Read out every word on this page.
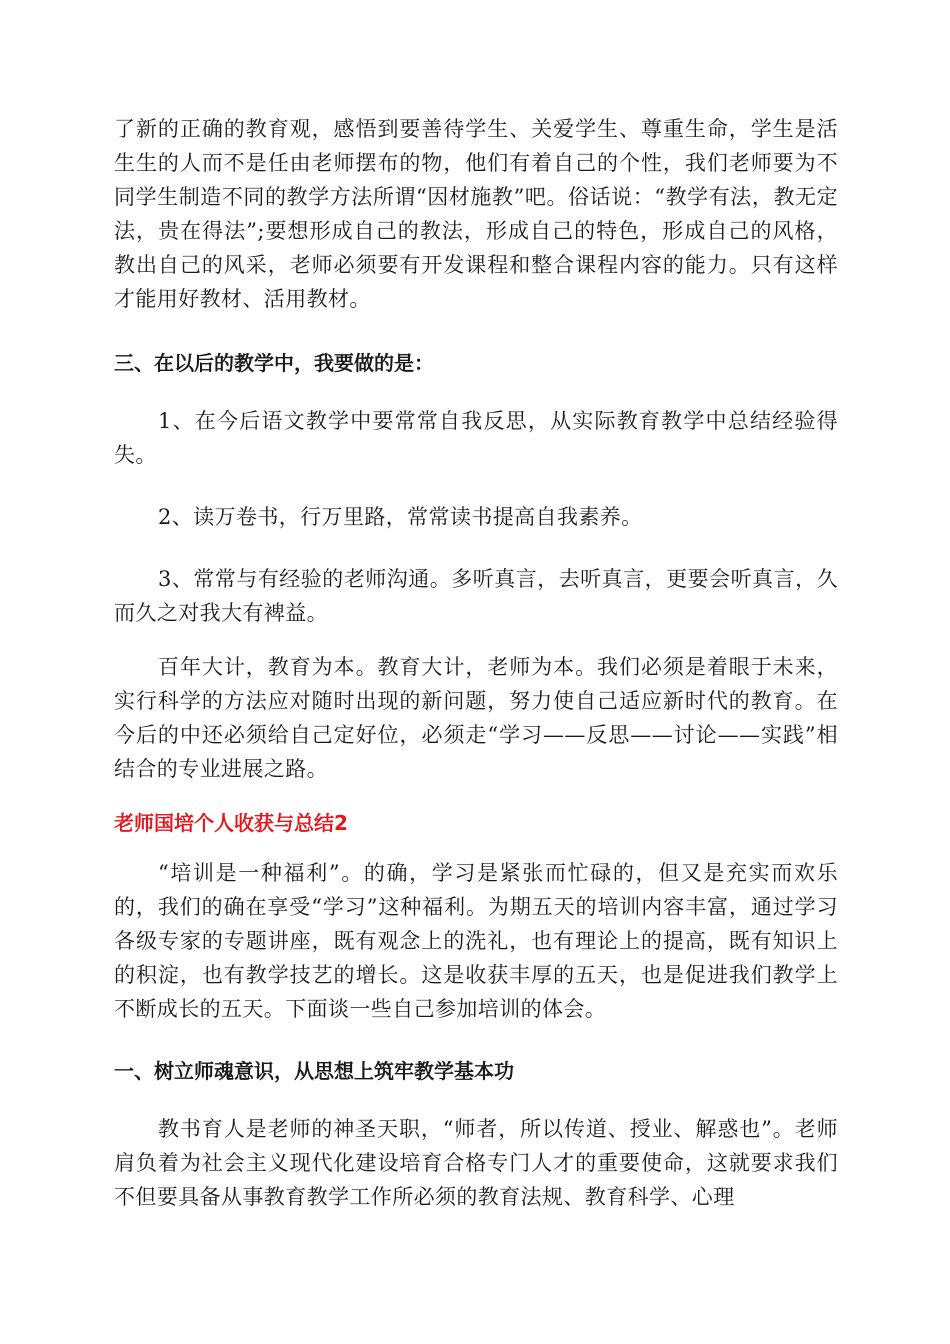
了新的正确的教育观，感悟到要善待学生、关爱学生、尊重生命，学生是活生生的人而不是任由老师摆布的物，他们有着自己的个性，我们老师要为不同学生制造不同的教学方法所谓“因材施教”吧。俗话说：“教学有法，教无定法，贵在得法”;要想形成自己的教法，形成自己的特色，形成自己的风格，教出自己的风采，老师必须要有开发课程和整合课程内容的能力。只有这样才能用好教材、活用教材。

三、在以后的教学中，我要做的是：

1、在今后语文教学中要常常自我反思，从实际教育教学中总结经验得失。

2、读万卷书，行万里路，常常读书提高自我素养。

3、常常与有经验的老师沟通。多听真言，去听真言，更要会听真言，久而久之对我大有裨益。

百年大计，教育为本。教育大计，老师为本。我们必须是着眼于未来，实行科学的方法应对随时出现的新问题，努力使自己适应新时代的教育。在今后的中还必须给自己定好位，必须走“学习——反思——讨论——实践”相结合的专业进展之路。

老师国培个人收获与总结2

“培训是一种福利”。的确，学习是紧张而忙碌的，但又是充实而欢乐的，我们的确在享受“学习”这种福利。为期五天的培训内容丰富，通过学习各级专家的专题讲座，既有观念上的洗礼，也有理论上的提高，既有知识上的积淀，也有教学技艺的增长。这是收获丰厚的五天，也是促进我们教学上不断成长的五天。下面谈一些自己参加培训的体会。

一、树立师魂意识，从思想上筑牢教学基本功

教书育人是老师的神圣天职，“师者，所以传道、授业、解惑也”。老师肩负着为社会主义现代化建设培育合格专门人才的重要使命，这就要求我们不但要具备从事教育教学工作所必须的教育法规、教育科学、心理
